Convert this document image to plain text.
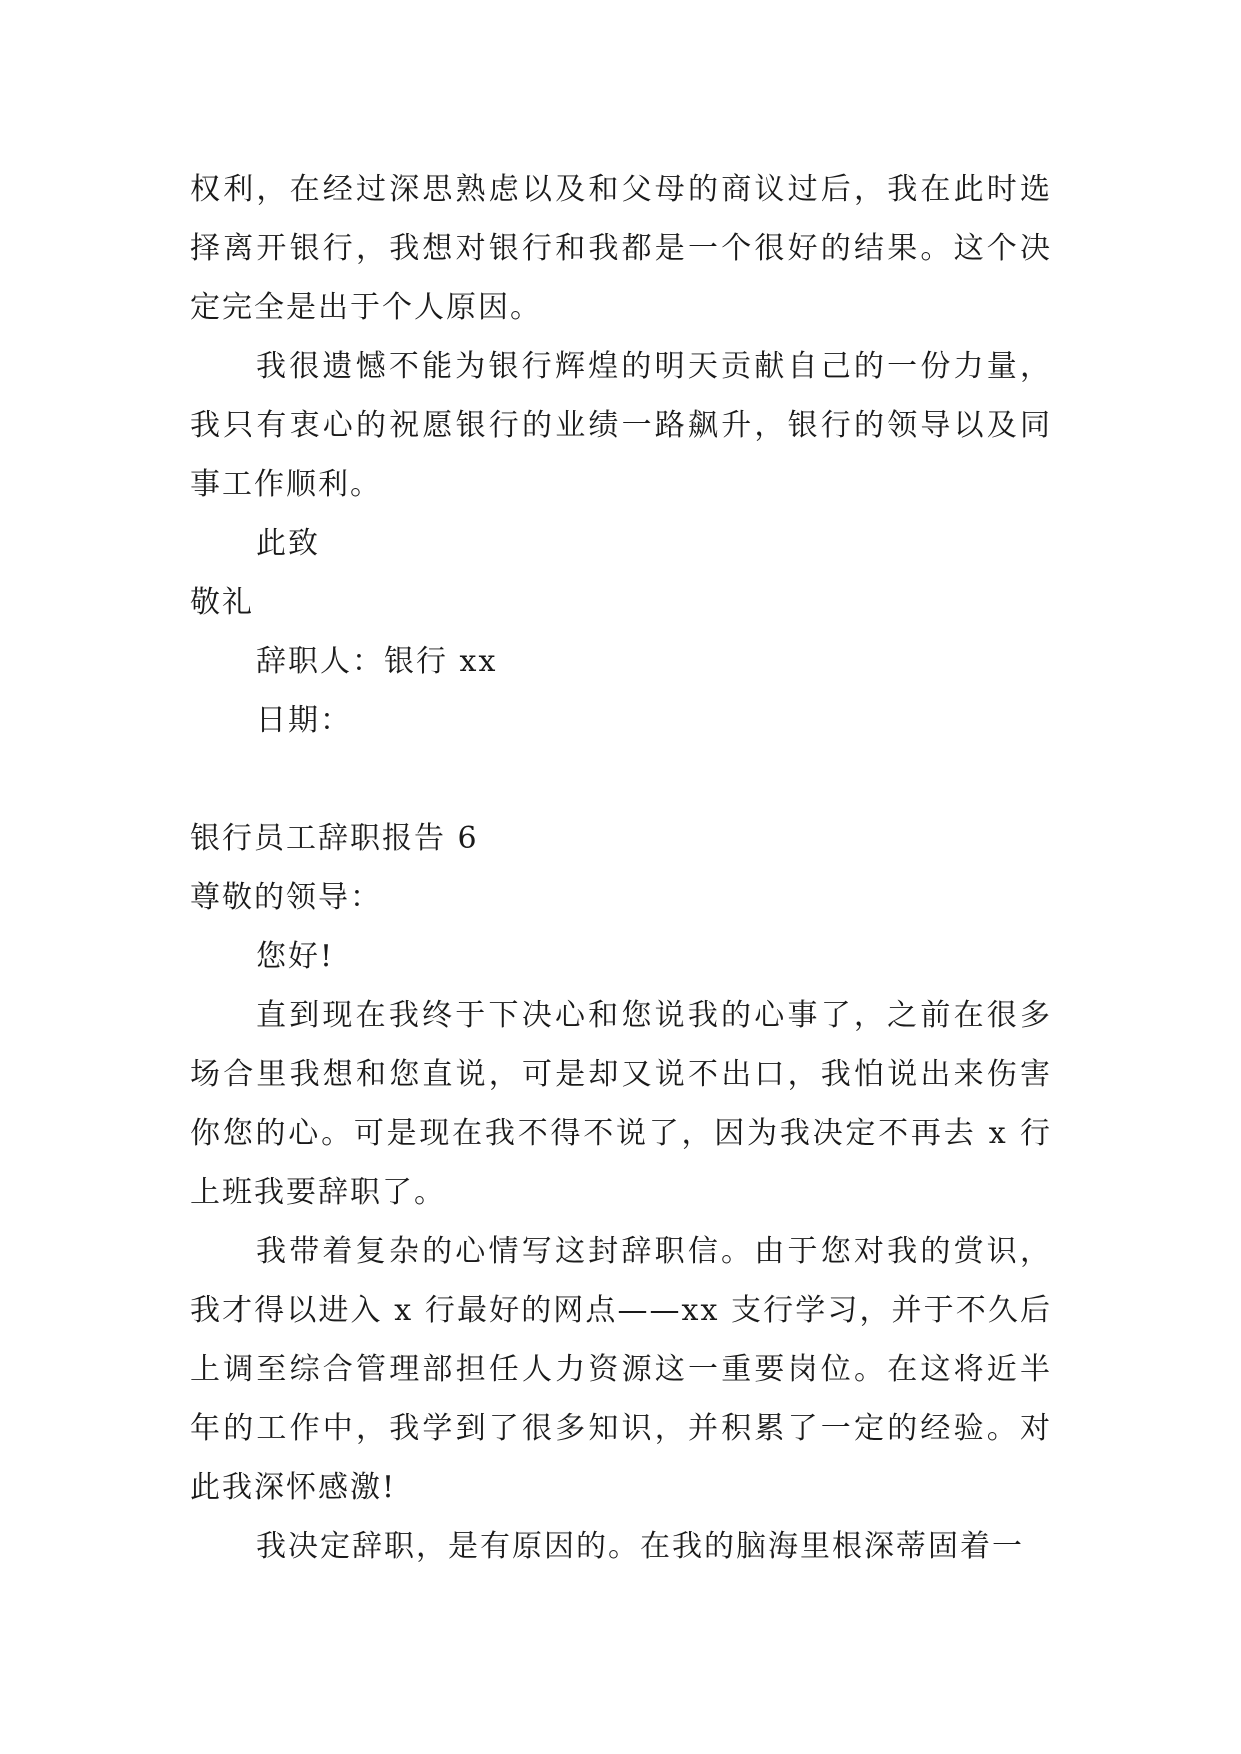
权利，在经过深思熟虑以及和父母的商议过后，我在此时选择离开银行，我想对银行和我都是一个很好的结果。这个决定完全是出于个人原因。

我很遗憾不能为银行辉煌的明天贡献自己的一份力量，我只有衷心的祝愿银行的业绩一路飙升，银行的领导以及同事工作顺利。

此致
敬礼
辞职人：银行 xx
日期：
银行员工辞职报告 6
尊敬的领导：
您好!

直到现在我终于下决心和您说我的心事了，之前在很多场合里我想和您直说，可是却又说不出口，我怕说出来伤害你您的心。可是现在我不得不说了，因为我决定不再去 x 行上班我要辞职了。

我带着复杂的心情写这封辞职信。由于您对我的赏识，我才得以进入 x 行最好的网点——xx 支行学习，并于不久后上调至综合管理部担任人力资源这一重要岗位。在这将近半年的工作中，我学到了很多知识，并积累了一定的经验。对此我深怀感激!

我决定辞职，是有原因的。在我的脑海里根深蒂固着一
